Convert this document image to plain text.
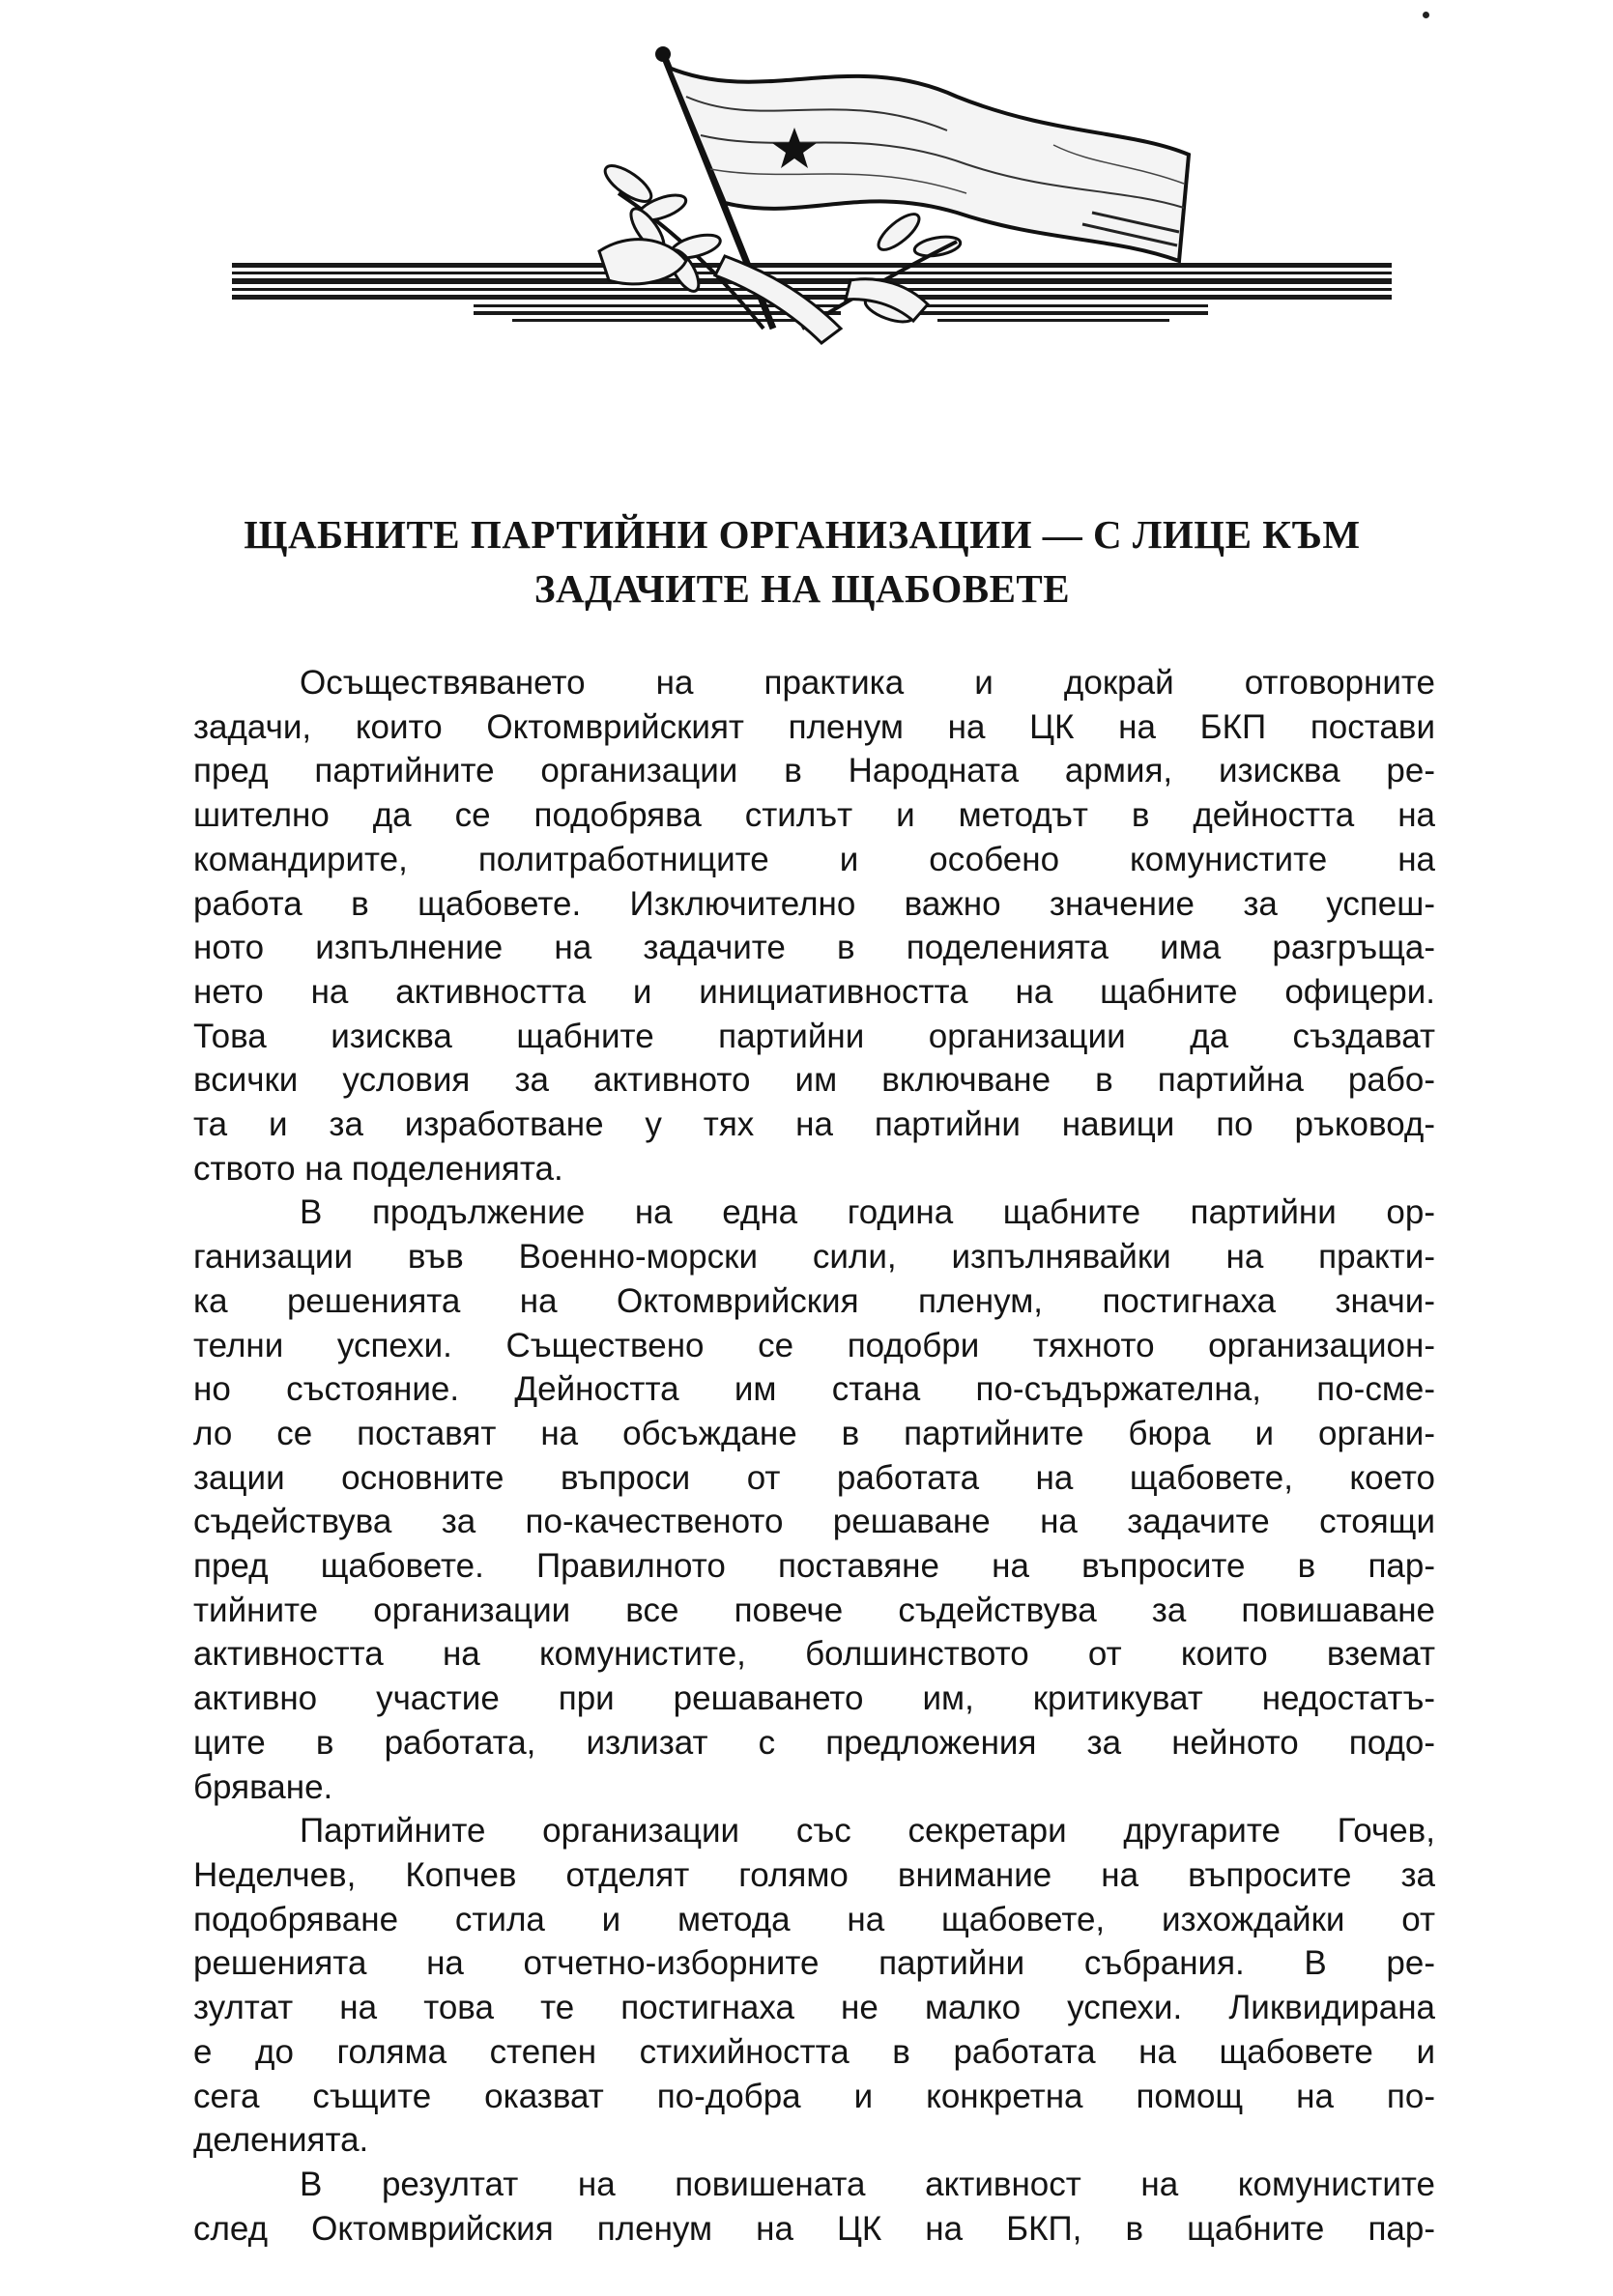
ЩАБНИТЕ ПАРТИЙНИ ОРГАНИЗАЦИИ — С ЛИЦЕ КЪМ
ЗАДАЧИТЕ НА ЩАБОВЕТЕ

Осъществяването на практика и докрай отговорните
задачи, които Октомврийският пленум на ЦК на БКП постави
пред партийните организации в Народната армия, изисква ре-
шително да се подобрява стилът и методът в дейността на
командирите, политработниците и особено комунистите на
работа в щабовете. Изключително важно значение за успеш-
ното изпълнение на задачите в поделенията има разгръща-
нето на активността и инициативността на щабните офицери.
Това изисква щабните партийни организации да създават
всички условия за активното им включване в партийна рабо-
та и за изработване у тях на партийни навици по ръковод-
ството на поделенията.

В продължение на една година щабните партийни ор-
ганизации във Военно-морски сили, изпълнявайки на практи-
ка решенията на Октомврийския пленум, постигнаха значи-
телни успехи. Съществено се подобри тяхното организацион-
но състояние. Дейността им стана по-съдържателна, по-сме-
ло се поставят на обсъждане в партийните бюра и органи-
зации основните въпроси от работата на щабовете, което
съдействува за по-качественото решаване на задачите стоящи
пред щабовете. Правилното поставяне на въпросите в пар-
тийните организации все повече съдействува за повишаване
активността на комунистите, болшинството от които вземат
активно участие при решаването им, критикуват недостатъ-
ците в работата, излизат с предложения за нейното подо-
бряване.

Партийните организации със секретари другарите Гочев,
Неделчев, Копчев отделят голямо внимание на въпросите за
подобряване стила и метода на щабовете, изхождайки от
решенията на отчетно-изборните партийни събрания. В ре-
зултат на това те постигнаха не малко успехи. Ликвидирана
е до голяма степен стихийността в работата на щабовете и
сега същите оказват по-добра и конкретна помощ на по-
деленията.

В резултат на повишената активност на комунистите
след Октомврийския пленум на ЦК на БКП, в щабните пар-
